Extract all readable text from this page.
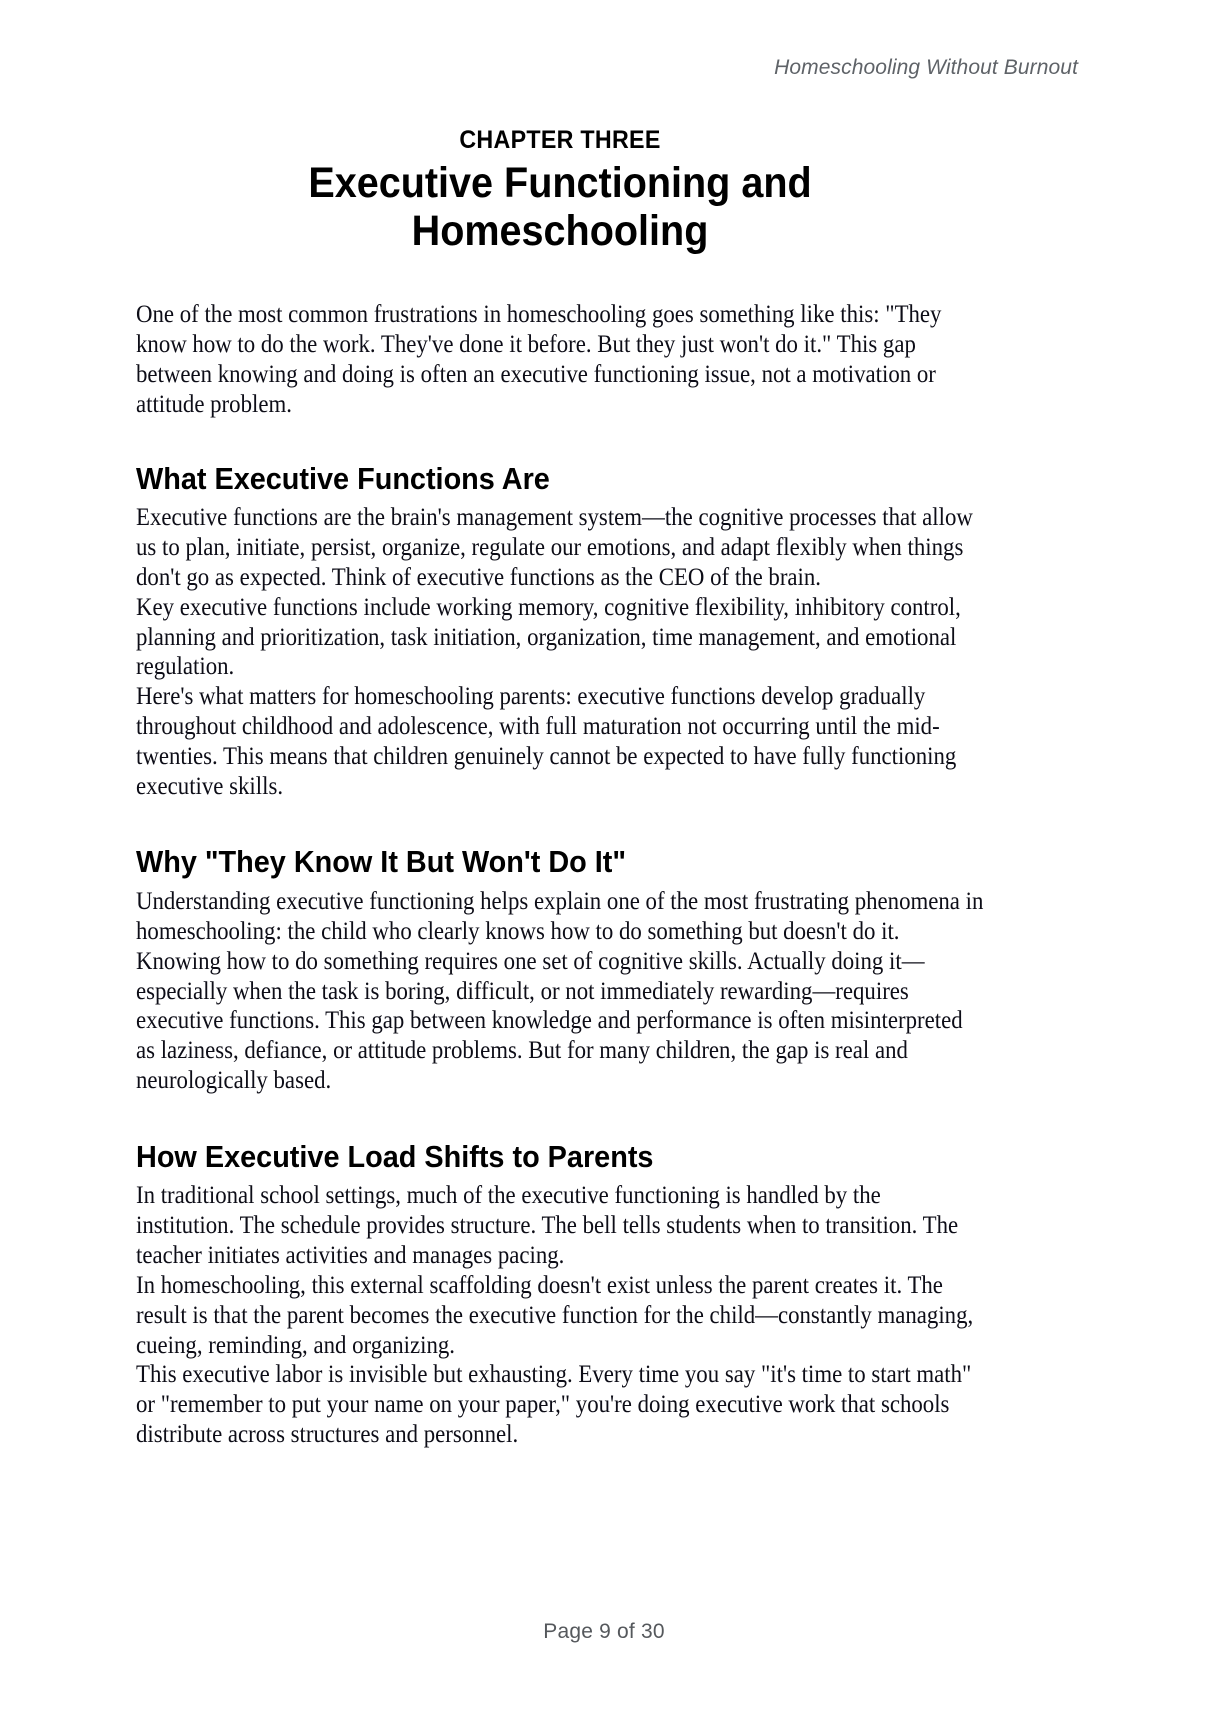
Homeschooling Without Burnout
CHAPTER THREE
Executive Functioning and Homeschooling

One of the most common frustrations in homeschooling goes something like this: "They know how to do the work. They've done it before. But they just won't do it." This gap between knowing and doing is often an executive functioning issue, not a motivation or attitude problem.

What Executive Functions Are

Executive functions are the brain's management system—the cognitive processes that allow us to plan, initiate, persist, organize, regulate our emotions, and adapt flexibly when things don't go as expected. Think of executive functions as the CEO of the brain.

Key executive functions include working memory, cognitive flexibility, inhibitory control, planning and prioritization, task initiation, organization, time management, and emotional regulation.

Here's what matters for homeschooling parents: executive functions develop gradually throughout childhood and adolescence, with full maturation not occurring until the mid-twenties. This means that children genuinely cannot be expected to have fully functioning executive skills.

Why "They Know It But Won't Do It"

Understanding executive functioning helps explain one of the most frustrating phenomena in homeschooling: the child who clearly knows how to do something but doesn't do it.

Knowing how to do something requires one set of cognitive skills. Actually doing it—especially when the task is boring, difficult, or not immediately rewarding—requires executive functions. This gap between knowledge and performance is often misinterpreted as laziness, defiance, or attitude problems. But for many children, the gap is real and neurologically based.

How Executive Load Shifts to Parents

In traditional school settings, much of the executive functioning is handled by the institution. The schedule provides structure. The bell tells students when to transition. The teacher initiates activities and manages pacing.

In homeschooling, this external scaffolding doesn't exist unless the parent creates it. The result is that the parent becomes the executive function for the child—constantly managing, cueing, reminding, and organizing.

This executive labor is invisible but exhausting. Every time you say "it's time to start math" or "remember to put your name on your paper," you're doing executive work that schools distribute across structures and personnel.

Page 9 of 30
